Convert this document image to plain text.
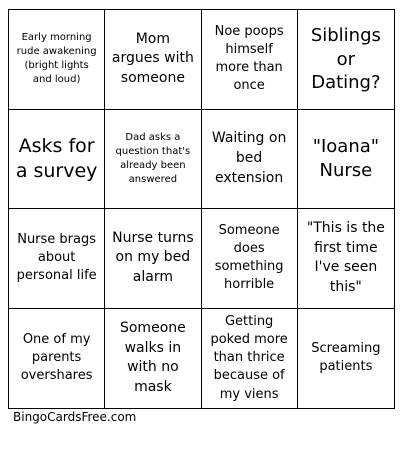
Early morning rude awakening (bright lights and loud)
Mom argues with someone
Noe poops himself more than once
Siblings or Dating?
Asks for a survey
Dad asks a question that's already been answered
Waiting on bed extension
"Ioana" Nurse
Nurse brags about personal life
Nurse turns on my bed alarm
Someone does something horrible
"This is the first time I've seen this"
One of my parents overshares
Someone walks in with no mask
Getting poked more than thrice because of my viens
Screaming patients
BingoCardsFree.com
